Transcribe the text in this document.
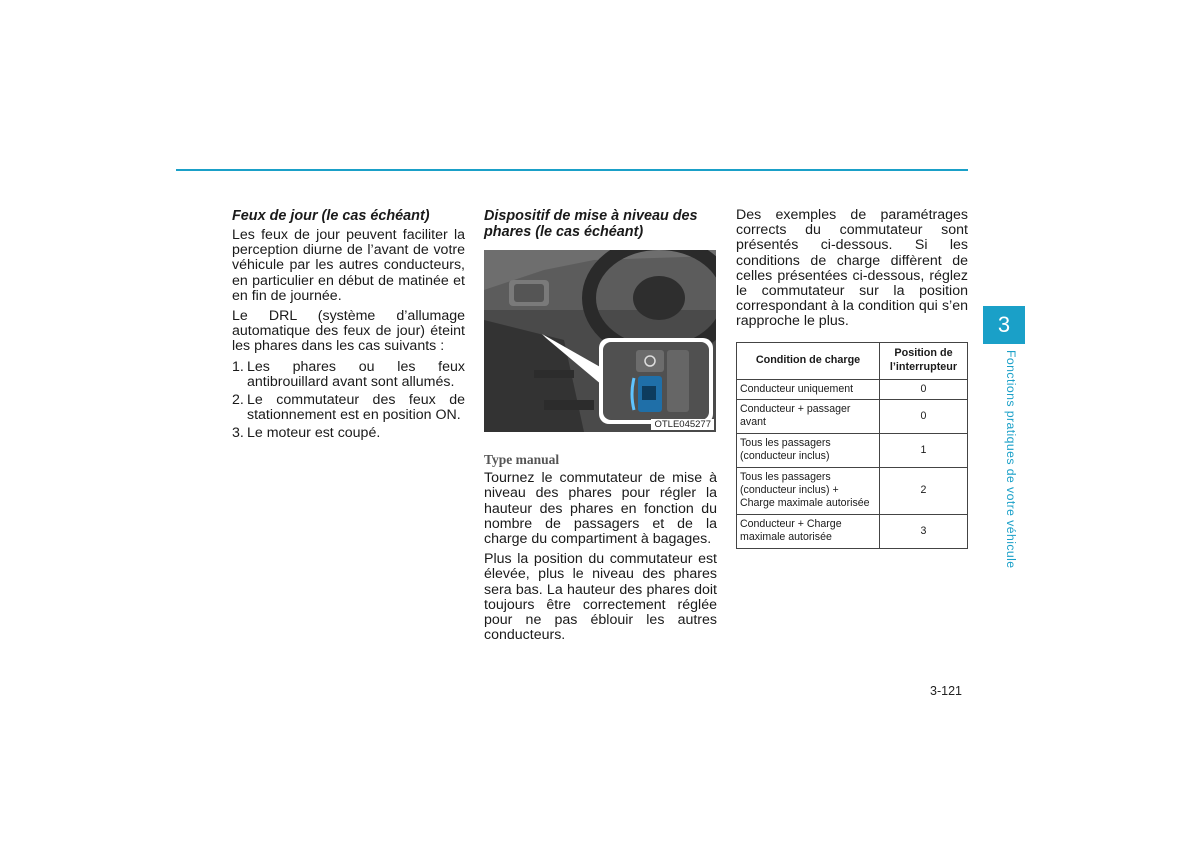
Feux de jour (le cas échéant)

Les feux de jour peuvent faciliter la perception diurne de l’avant de votre véhicule par les autres conducteurs, en particulier en début de matinée et en fin de journée.

Le DRL (système d’allumage automatique des feux de jour) éteint les phares dans les cas suivants :

1. Les phares ou les feux antibrouillard avant sont allumés.
2. Le commutateur des feux de stationnement est en position ON.
3. Le moteur est coupé.
Dispositif de mise à niveau des phares (le cas échéant)
OTLE045277
Type manual

Tournez le commutateur de mise à niveau des phares pour régler la hauteur des phares en fonction du nombre de passagers et de la charge du compartiment à bagages.

Plus la position du commutateur est élevée, plus le niveau des phares sera bas. La hauteur des phares doit toujours être correctement réglée pour ne pas éblouir les autres conducteurs.

Des exemples de paramétrages corrects du commutateur sont présentés ci-dessous. Si les conditions de charge diffèrent de celles présentées ci-dessous, réglez le commutateur sur la position correspondant à la condition qui s’en rapproche le plus.

Condition de charge	Position de l’interrupteur
Conducteur uniquement	0
Conducteur + passager avant	0
Tous les passagers (conducteur inclus)	1
Tous les passagers (conducteur inclus) + Charge maximale autorisée	2
Conducteur + Charge maximale autorisée	3
3
Fonctions pratiques de votre véhicule
3-121
